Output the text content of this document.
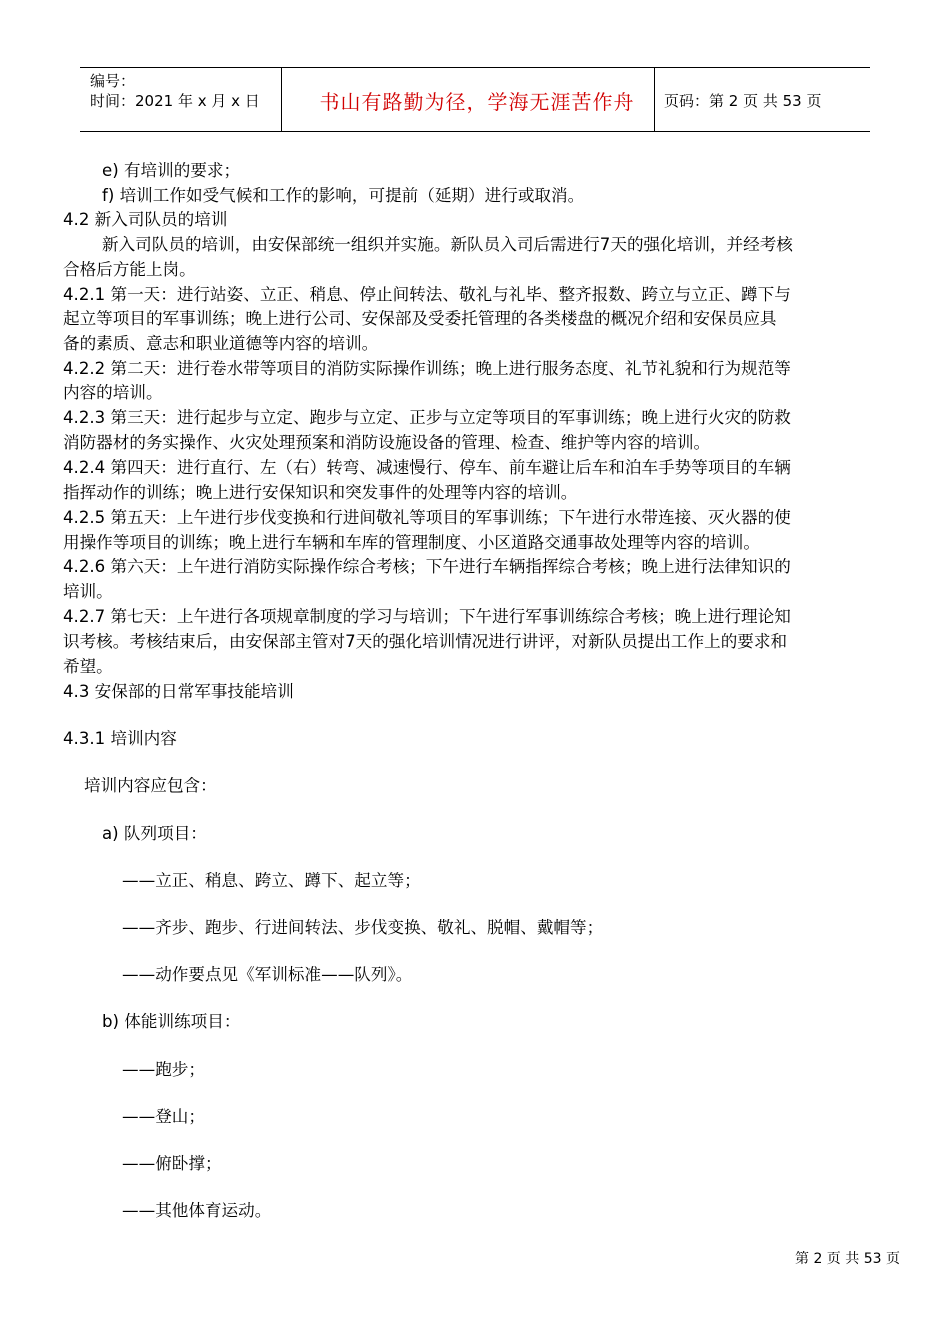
编号：
时间：2021 年 x 月 x 日	书山有路勤为径，学海无涯苦作舟	页码：第 2 页 共 53 页
e) 有培训的要求；
f) 培训工作如受气候和工作的影响，可提前（延期）进行或取消。
4.2 新入司队员的培训
新入司队员的培训，由安保部统一组织并实施。新队员入司后需进行7天的强化培训，并经考核
合格后方能上岗。
4.2.1 第一天：进行站姿、立正、稍息、停止间转法、敬礼与礼毕、整齐报数、跨立与立正、蹲下与
起立等项目的军事训练；晚上进行公司、安保部及受委托管理的各类楼盘的概况介绍和安保员应具
备的素质、意志和职业道德等内容的培训。
4.2.2 第二天：进行卷水带等项目的消防实际操作训练；晚上进行服务态度、礼节礼貌和行为规范等
内容的培训。
4.2.3 第三天：进行起步与立定、跑步与立定、正步与立定等项目的军事训练；晚上进行火灾的防救
消防器材的务实操作、火灾处理预案和消防设施设备的管理、检查、维护等内容的培训。
4.2.4 第四天：进行直行、左（右）转弯、减速慢行、停车、前车避让后车和泊车手势等项目的车辆
指挥动作的训练；晚上进行安保知识和突发事件的处理等内容的培训。
4.2.5 第五天：上午进行步伐变换和行进间敬礼等项目的军事训练；下午进行水带连接、灭火器的使
用操作等项目的训练；晚上进行车辆和车库的管理制度、小区道路交通事故处理等内容的培训。
4.2.6 第六天：上午进行消防实际操作综合考核；下午进行车辆指挥综合考核；晚上进行法律知识的
培训。
4.2.7 第七天：上午进行各项规章制度的学习与培训；下午进行军事训练综合考核；晚上进行理论知
识考核。考核结束后，由安保部主管对7天的强化培训情况进行讲评，对新队员提出工作上的要求和
希望。
4.3 安保部的日常军事技能培训
4.3.1 培训内容
培训内容应包含：
a) 队列项目：
——立正、稍息、跨立、蹲下、起立等；
——齐步、跑步、行进间转法、步伐变换、敬礼、脱帽、戴帽等；
——动作要点见《军训标准——队列》。
b) 体能训练项目：
——跑步；
——登山；
——俯卧撑；
——其他体育运动。
第 2 页 共 53 页
